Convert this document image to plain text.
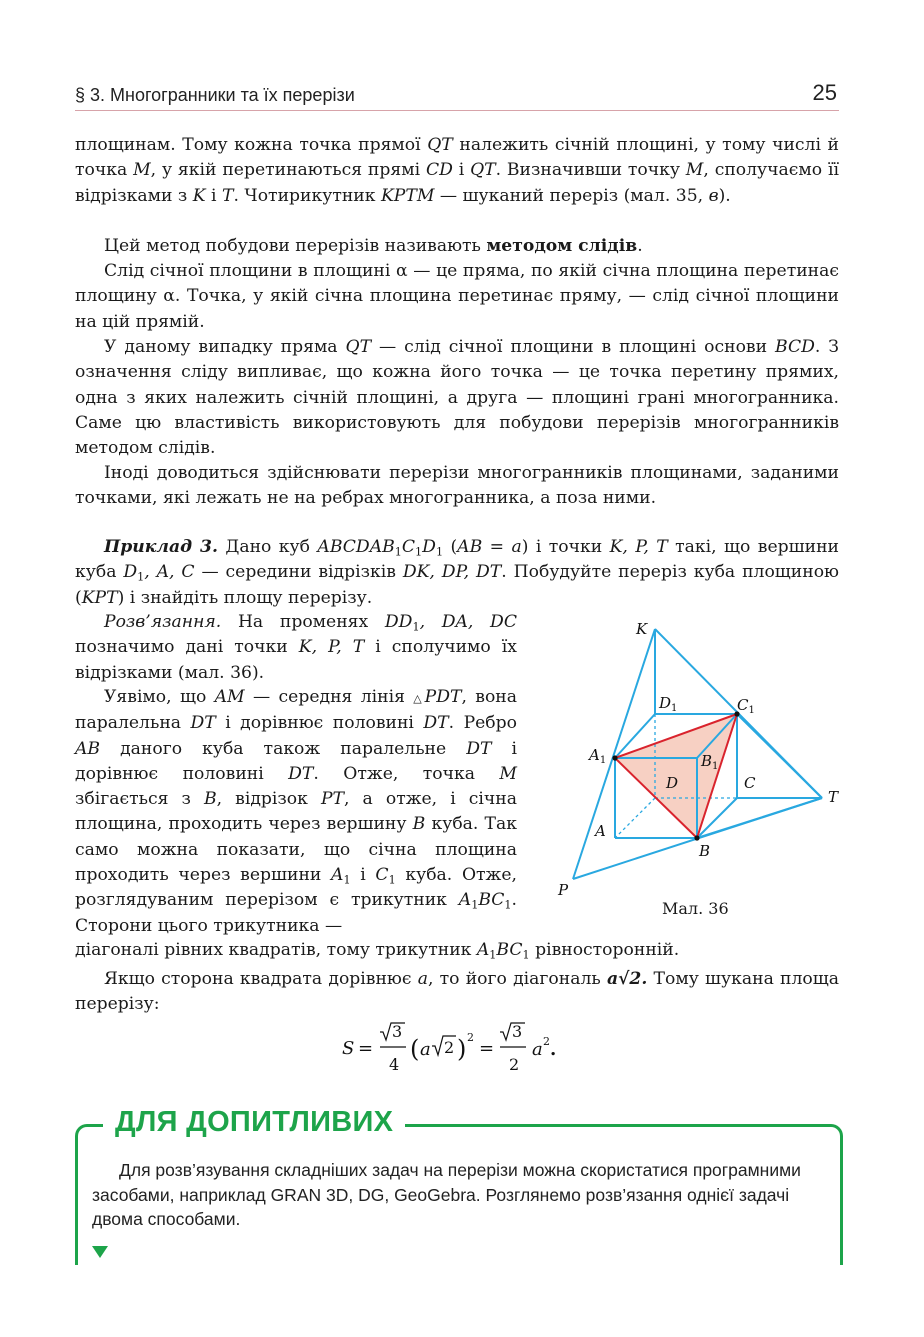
§ 3. Многогранники та їх перерізи	25

площинам. Тому кожна точка прямої QT належить січній площині, у тому числі й точка M, у якій перетинаються прямі CD і QT. Визначивши точку M, сполучаємо її відрізками з K і T. Чотирикутник KPTM — шуканий переріз (мал. 35, в).

Цей метод побудови перерізів називають методом слідів.

Слід січної площини в площині α — це пряма, по якій січна площина перетинає площину α. Точка, у якій січна площина перетинає пряму, — слід січної площини на цій прямій.

У даному випадку пряма QT — слід січної площини в площині основи BCD. З означення сліду випливає, що кожна його точка — це точка перетину прямих, одна з яких належить січній площині, а друга — площині грані многогранника. Саме цю властивість використовують для побудови перерізів многогранників методом слідів.

Іноді доводиться здійснювати перерізи многогранників площинами, заданими точками, які лежать не на ребрах многогранника, а поза ними.

Приклад 3. Дано куб $ABCDAB_1C_1D_1$ (AB = a) і точки K, P, T такі, що вершини куба $D_1$, A, C — середини відрізків DK, DP, DT. Побудуйте переріз куба площиною (KPT) і знайдіть площу перерізу.

Розв’язання. На променях $DD_1$, DA, DC позначимо дані точки K, P, T і сполучимо їх відрізками (мал. 36).

Уявімо, що AM — середня лінія △PDT, вона паралельна DT і дорівнює половині DT. Ребро AB даного куба також паралельне DT і дорівнює половині DT. Отже, точка M збігається з B, відрізок PT, а отже, і січна площина, проходить через вершину B куба. Так само можна показати, що січна площина проходить через вершини $A_1$ і $C_1$ куба. Отже, розглядуваним перерізом є трикутник $A_1BC_1$. Сторони цього трикутника —

діагоналі рівних квадратів, тому трикутник $A_1BC_1$ рівносторонній.

Якщо сторона квадрата дорівнює a, то його діагональ a√2. Тому шукана площа перерізу:

K
$D_1$	$C_1$
$A_1$	$B_1$
D	C
T
A
B
P
Мал. 36
S =
3
4
( a 2 ) 2
=
3
2
a 2 .
ДЛЯ ДОПИТЛИВИХ

Для розв’язування складніших задач на перерізи можна скористатися програмними засобами, наприклад GRAN 3D, DG, GeoGebra. Розглянемо розв’язання однієї задачі двома способами.
